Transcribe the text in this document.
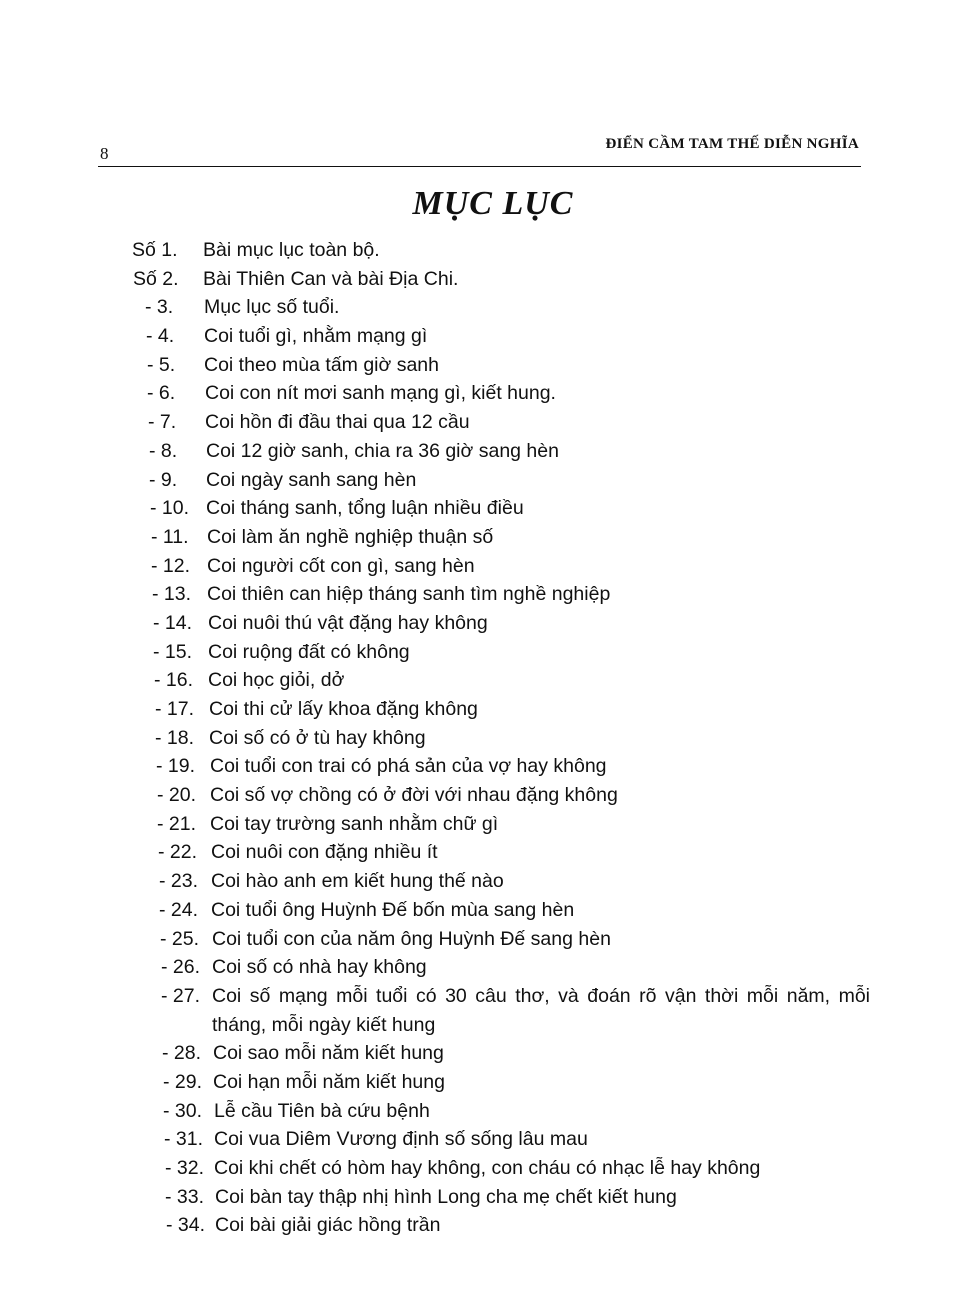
8	ĐIỂN CẦM TAM THẾ DIỄN NGHĨA
MỤC LỤC
Số 1. Bài mục lục toàn bộ.
Số 2. Bài Thiên Can và bài Địa Chi.
- 3. Mục lục số tuổi.
- 4. Coi tuổi gì, nhằm mạng gì
- 5. Coi theo mùa tấm giờ sanh
- 6. Coi con nít mơi sanh mạng gì, kiết hung.
- 7. Coi hồn đi đầu thai qua 12 cầu
- 8. Coi 12 giờ sanh, chia ra 36 giờ sang hèn
- 9. Coi ngày sanh sang hèn
- 10. Coi tháng sanh, tổng luận nhiều điều
- 11. Coi làm ăn nghề nghiệp thuận số
- 12. Coi người cốt con gì, sang hèn
- 13. Coi thiên can hiệp tháng sanh tìm nghề nghiệp
- 14. Coi nuôi thú vật đặng hay không
- 15. Coi ruộng đất có không
- 16. Coi học giỏi, dở
- 17. Coi thi cử lấy khoa đặng không
- 18. Coi số có ở tù hay không
- 19. Coi tuổi con trai có phá sản của vợ hay không
- 20. Coi số vợ chồng có ở đời với nhau đặng không
- 21. Coi tay trường sanh nhằm chữ gì
- 22. Coi nuôi con đặng nhiều ít
- 23. Coi hào anh em kiết hung thế nào
- 24. Coi tuổi ông Huỳnh Đế bốn mùa sang hèn
- 25. Coi tuổi con của năm ông Huỳnh Đế sang hèn
- 26. Coi số có nhà hay không
- 27. Coi số mạng mỗi tuổi có 30 câu thơ, và đoán rõ vận thời mỗi năm, mỗi tháng, mỗi ngày kiết hung
- 28. Coi sao mỗi năm kiết hung
- 29. Coi hạn mỗi năm kiết hung
- 30. Lễ cầu Tiên bà cứu bệnh
- 31. Coi vua Diêm Vương định số sống lâu mau
- 32. Coi khi chết có hòm hay không, con cháu có nhạc lễ hay không
- 33. Coi bàn tay thập nhị hình Long cha mẹ chết kiết hung
- 34. Coi bài giải giác hồng trần
